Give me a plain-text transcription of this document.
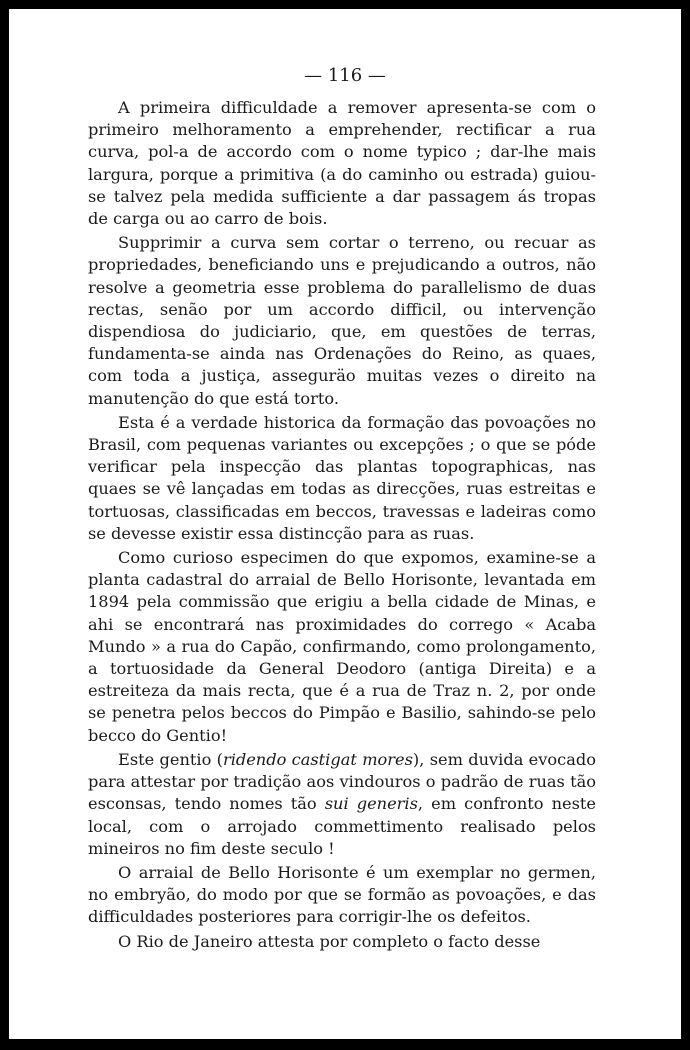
— 116 —

A primeira difficuldade a remover apresenta-se com o primeiro melhoramento a emprehender, rectificar a rua curva, pol-a de accordo com o nome typico ; dar-lhe mais largura, porque a primitiva (a do caminho ou estrada) guiou-se talvez pela medida sufficiente a dar passagem ás tropas de carga ou ao carro de bois.

Supprimir a curva sem cortar o terreno, ou recuar as propriedades, beneficiando uns e prejudicando a outros, não resolve a geometria esse problema do parallelismo de duas rectas, senão por um accordo difficil, ou intervenção dispendiosa do judiciario, que, em questões de terras, fundamenta-se ainda nas Ordenações do Reino, as quaes, com toda a justiça, asseguräo muitas vezes o direito na manutenção do que está torto.

Esta é a verdade historica da formação das povoações no Brasil, com pequenas variantes ou excepções ; o que se póde verificar pela inspecção das plantas topographicas, nas quaes se vê lançadas em todas as direcções, ruas estreitas e tortuosas, classificadas em beccos, travessas e ladeiras como se devesse existir essa distincção para as ruas.

Como curioso especimen do que expomos, examine-se a planta cadastral do arraial de Bello Horisonte, levantada em 1894 pela commissão que erigiu a bella cidade de Minas, e ahi se encontrará nas proximidades do corrego « Acaba Mundo » a rua do Capão, confirmando, como prolongamento, a tortuosidade da General Deodoro (antiga Direita) e a estreiteza da mais recta, que é a rua de Traz n. 2, por onde se penetra pelos beccos do Pimpão e Basilio, sahindo-se pelo becco do Gentio!

Este gentio (ridendo castigat mores), sem duvida evocado para attestar por tradição aos vindouros o padrão de ruas tão esconsas, tendo nomes tão sui generis, em confronto neste local, com o arrojado commettimento realisado pelos mineiros no fim deste seculo !

O arraial de Bello Horisonte é um exemplar no germen, no embryão, do modo por que se formão as povoações, e das difficuldades posteriores para corrigir-lhe os defeitos.

O Rio de Janeiro attesta por completo o facto desse
